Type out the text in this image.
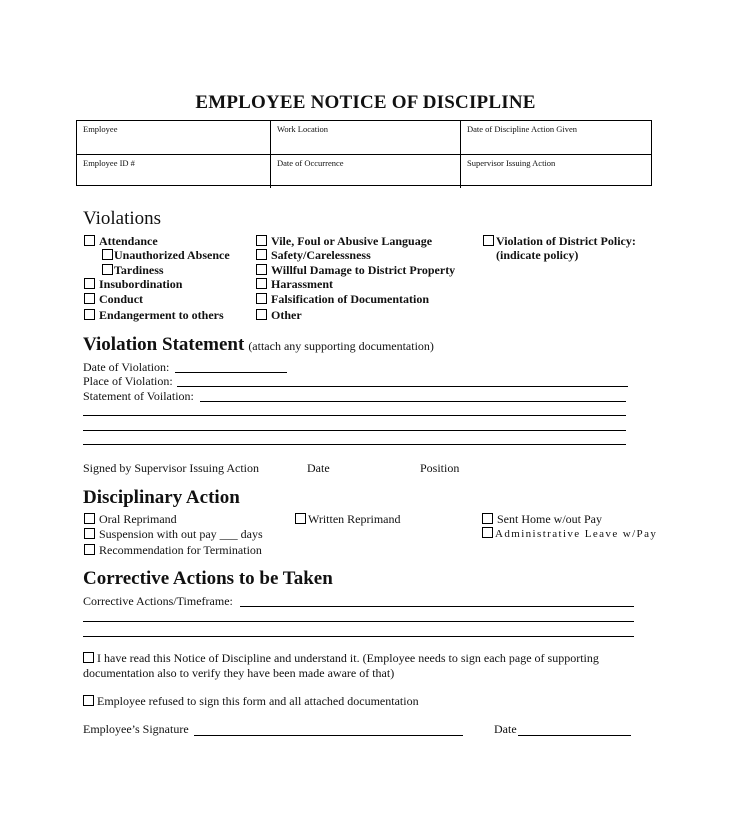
EMPLOYEE NOTICE OF DISCIPLINE
Employee	Work Location	Date of Discipline Action Given
Employee ID #	Date of Occurrence	Supervisor Issuing Action
Violations
Attendance
Unauthorized Absence
Tardiness
Insubordination
Conduct
Endangerment to others
Vile, Foul or Abusive Language
Safety/Carelessness
Willful Damage to District Property
Harassment
Falsification of Documentation
Other
Violation of District Policy:
(indicate policy)
Violation Statement (attach any supporting documentation)
Date of Violation:
Place of Violation:
Statement of Voilation:
Signed by Supervisor Issuing Action	Date	Position
Disciplinary Action
Oral Reprimand
Suspension with out pay ___ days
Recommendation for Termination
Written Reprimand	Sent Home w/out Pay
Administrative Leave w/Pay
Corrective Actions to be Taken
Corrective Actions/Timeframe:
I have read this Notice of Discipline and understand it. (Employee needs to sign each page of supporting
documentation also to verify they have been made aware of that)
Employee refused to sign this form and all attached documentation
Employee’s Signature	Date
